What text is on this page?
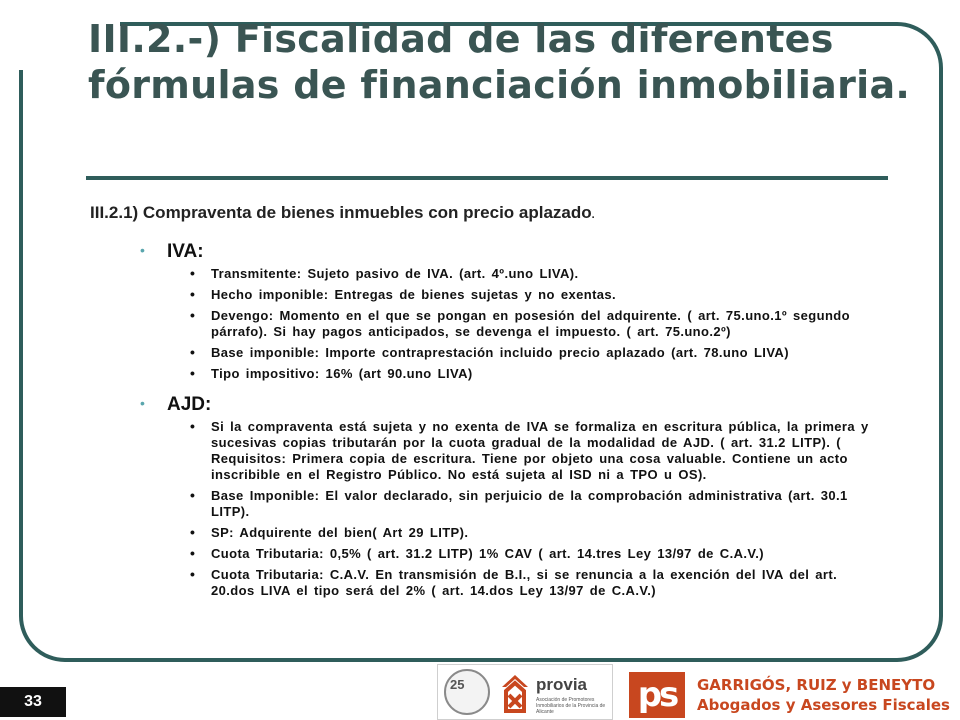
III.2.-) Fiscalidad de las diferentes fórmulas de financiación inmobiliaria.
III.2.1) Compraventa de bienes inmuebles con precio aplazado.
• IVA:
• Transmitente: Sujeto pasivo de IVA. (art. 4º.uno LIVA).
• Hecho imponible: Entregas de bienes sujetas y no exentas.
• Devengo: Momento en el que se pongan en posesión del adquirente. ( art. 75.uno.1º segundo párrafo). Si hay pagos anticipados, se devenga el impuesto. ( art. 75.uno.2º)
• Base imponible: Importe contraprestación incluido precio aplazado (art. 78.uno LIVA)
• Tipo impositivo: 16% (art 90.uno LIVA)
• AJD:
• Si la compraventa está sujeta y no exenta de IVA se formaliza en escritura pública, la primera y sucesivas copias tributarán por la cuota gradual de la modalidad de AJD. ( art. 31.2 LITP). ( Requisitos: Primera copia de escritura. Tiene por objeto una cosa valuable. Contiene un acto inscribible en el Registro Público. No está sujeta al ISD ni a TPO u OS).
• Base Imponible: El valor declarado, sin perjuicio de la comprobación administrativa (art. 30.1 LITP).
• SP: Adquirente del bien( Art 29 LITP).
• Cuota Tributaria: 0,5% ( art. 31.2 LITP) 1% CAV ( art. 14.tres Ley 13/97 de C.A.V.)
• Cuota Tributaria: C.A.V. En transmisión de B.I., si se renuncia a la exención del IVA del art. 20.dos LIVA el tipo será del 2% ( art. 14.dos Ley 13/97 de C.A.V.)
33
25	provia
Asociación de Promotores Inmobiliarios de la Provincia de Alicante	ps	GARRIGÓS, RUIZ y BENEYTO
Abogados y Asesores Fiscales
